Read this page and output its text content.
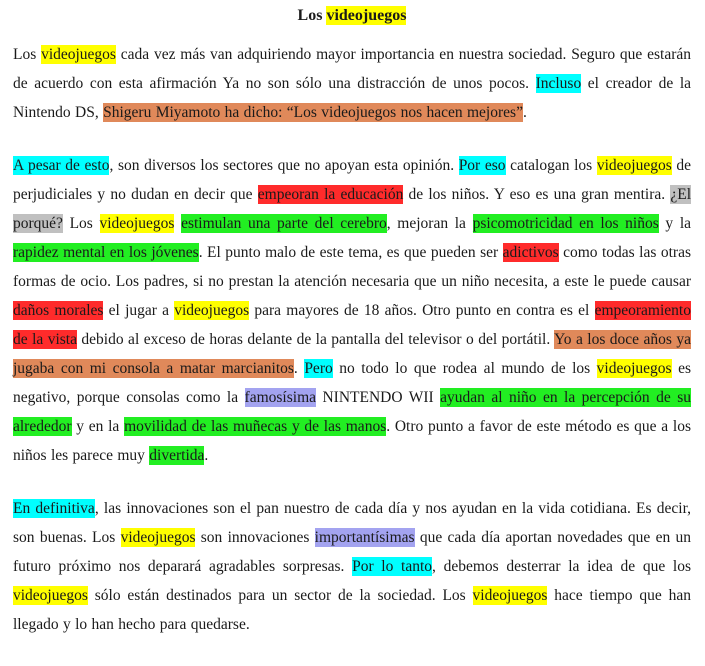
Los videojuegos

Los videojuegos cada vez más van adquiriendo mayor importancia en nuestra sociedad. Seguro que estarán de acuerdo con esta afirmación Ya no son sólo una distracción de unos pocos. Incluso el creador de la Nintendo DS, Shigeru Miyamoto ha dicho: “Los videojuegos nos hacen mejores”.

A pesar de esto, son diversos los sectores que no apoyan esta opinión. Por eso catalogan los videojuegos de perjudiciales y no dudan en decir que empeoran la educación de los niños. Y eso es una gran mentira. ¿El porqué? Los videojuegos estimulan una parte del cerebro, mejoran la psicomotricidad en los niños y la rapidez mental en los jóvenes. El punto malo de este tema, es que pueden ser adictivos como todas las otras formas de ocio. Los padres, si no prestan la atención necesaria que un niño necesita, a este le puede causar daños morales el jugar a videojuegos para mayores de 18 años. Otro punto en contra es el empeoramiento de la vista debido al exceso de horas delante de la pantalla del televisor o del portátil. Yo a los doce años ya jugaba con mi consola a matar marcianitos. Pero no todo lo que rodea al mundo de los videojuegos es negativo, porque consolas como la famosísima NINTENDO WII ayudan al niño en la percepción de su alrededor y en la movilidad de las muñecas y de las manos. Otro punto a favor de este método es que a los niños les parece muy divertida.

En definitiva, las innovaciones son el pan nuestro de cada día y nos ayudan en la vida cotidiana. Es decir, son buenas. Los videojuegos son innovaciones importantísimas que cada día aportan novedades que en un futuro próximo nos deparará agradables sorpresas. Por lo tanto, debemos desterrar la idea de que los videojuegos sólo están destinados para un sector de la sociedad. Los videojuegos hace tiempo que han llegado y lo han hecho para quedarse.
